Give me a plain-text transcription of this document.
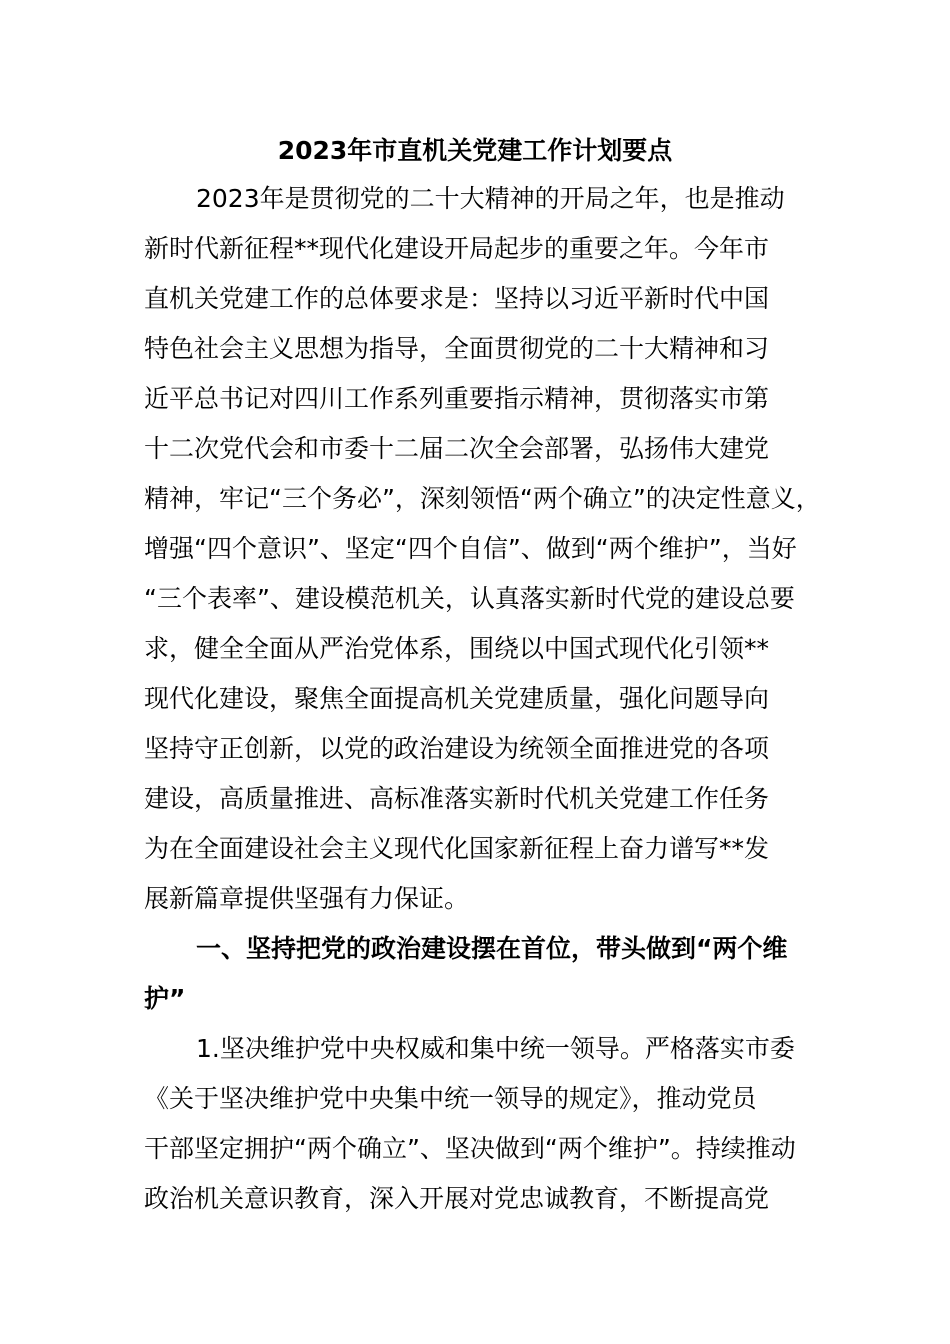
2023年市直机关党建工作计划要点
2023年是贯彻党的二十大精神的开局之年，也是推动
新时代新征程**现代化建设开局起步的重要之年。今年市
直机关党建工作的总体要求是：坚持以习近平新时代中国
特色社会主义思想为指导，全面贯彻党的二十大精神和习
近平总书记对四川工作系列重要指示精神，贯彻落实市第
十二次党代会和市委十二届二次全会部署，弘扬伟大建党
精神，牢记“三个务必”，深刻领悟“两个确立”的决定性意义，
增强“四个意识”、坚定“四个自信”、做到“两个维护”，当好
“三个表率”、建设模范机关，认真落实新时代党的建设总要
求，健全全面从严治党体系，围绕以中国式现代化引领**
现代化建设，聚焦全面提高机关党建质量，强化问题导向
坚持守正创新，以党的政治建设为统领全面推进党的各项
建设，高质量推进、高标准落实新时代机关党建工作任务
为在全面建设社会主义现代化国家新征程上奋力谱写**发
展新篇章提供坚强有力保证。
一、坚持把党的政治建设摆在首位，带头做到“两个维
护”
1.坚决维护党中央权威和集中统一领导。严格落实市委
《关于坚决维护党中央集中统一领导的规定》，推动党员
干部坚定拥护“两个确立”、坚决做到“两个维护”。持续推动
政治机关意识教育，深入开展对党忠诚教育，不断提高党
